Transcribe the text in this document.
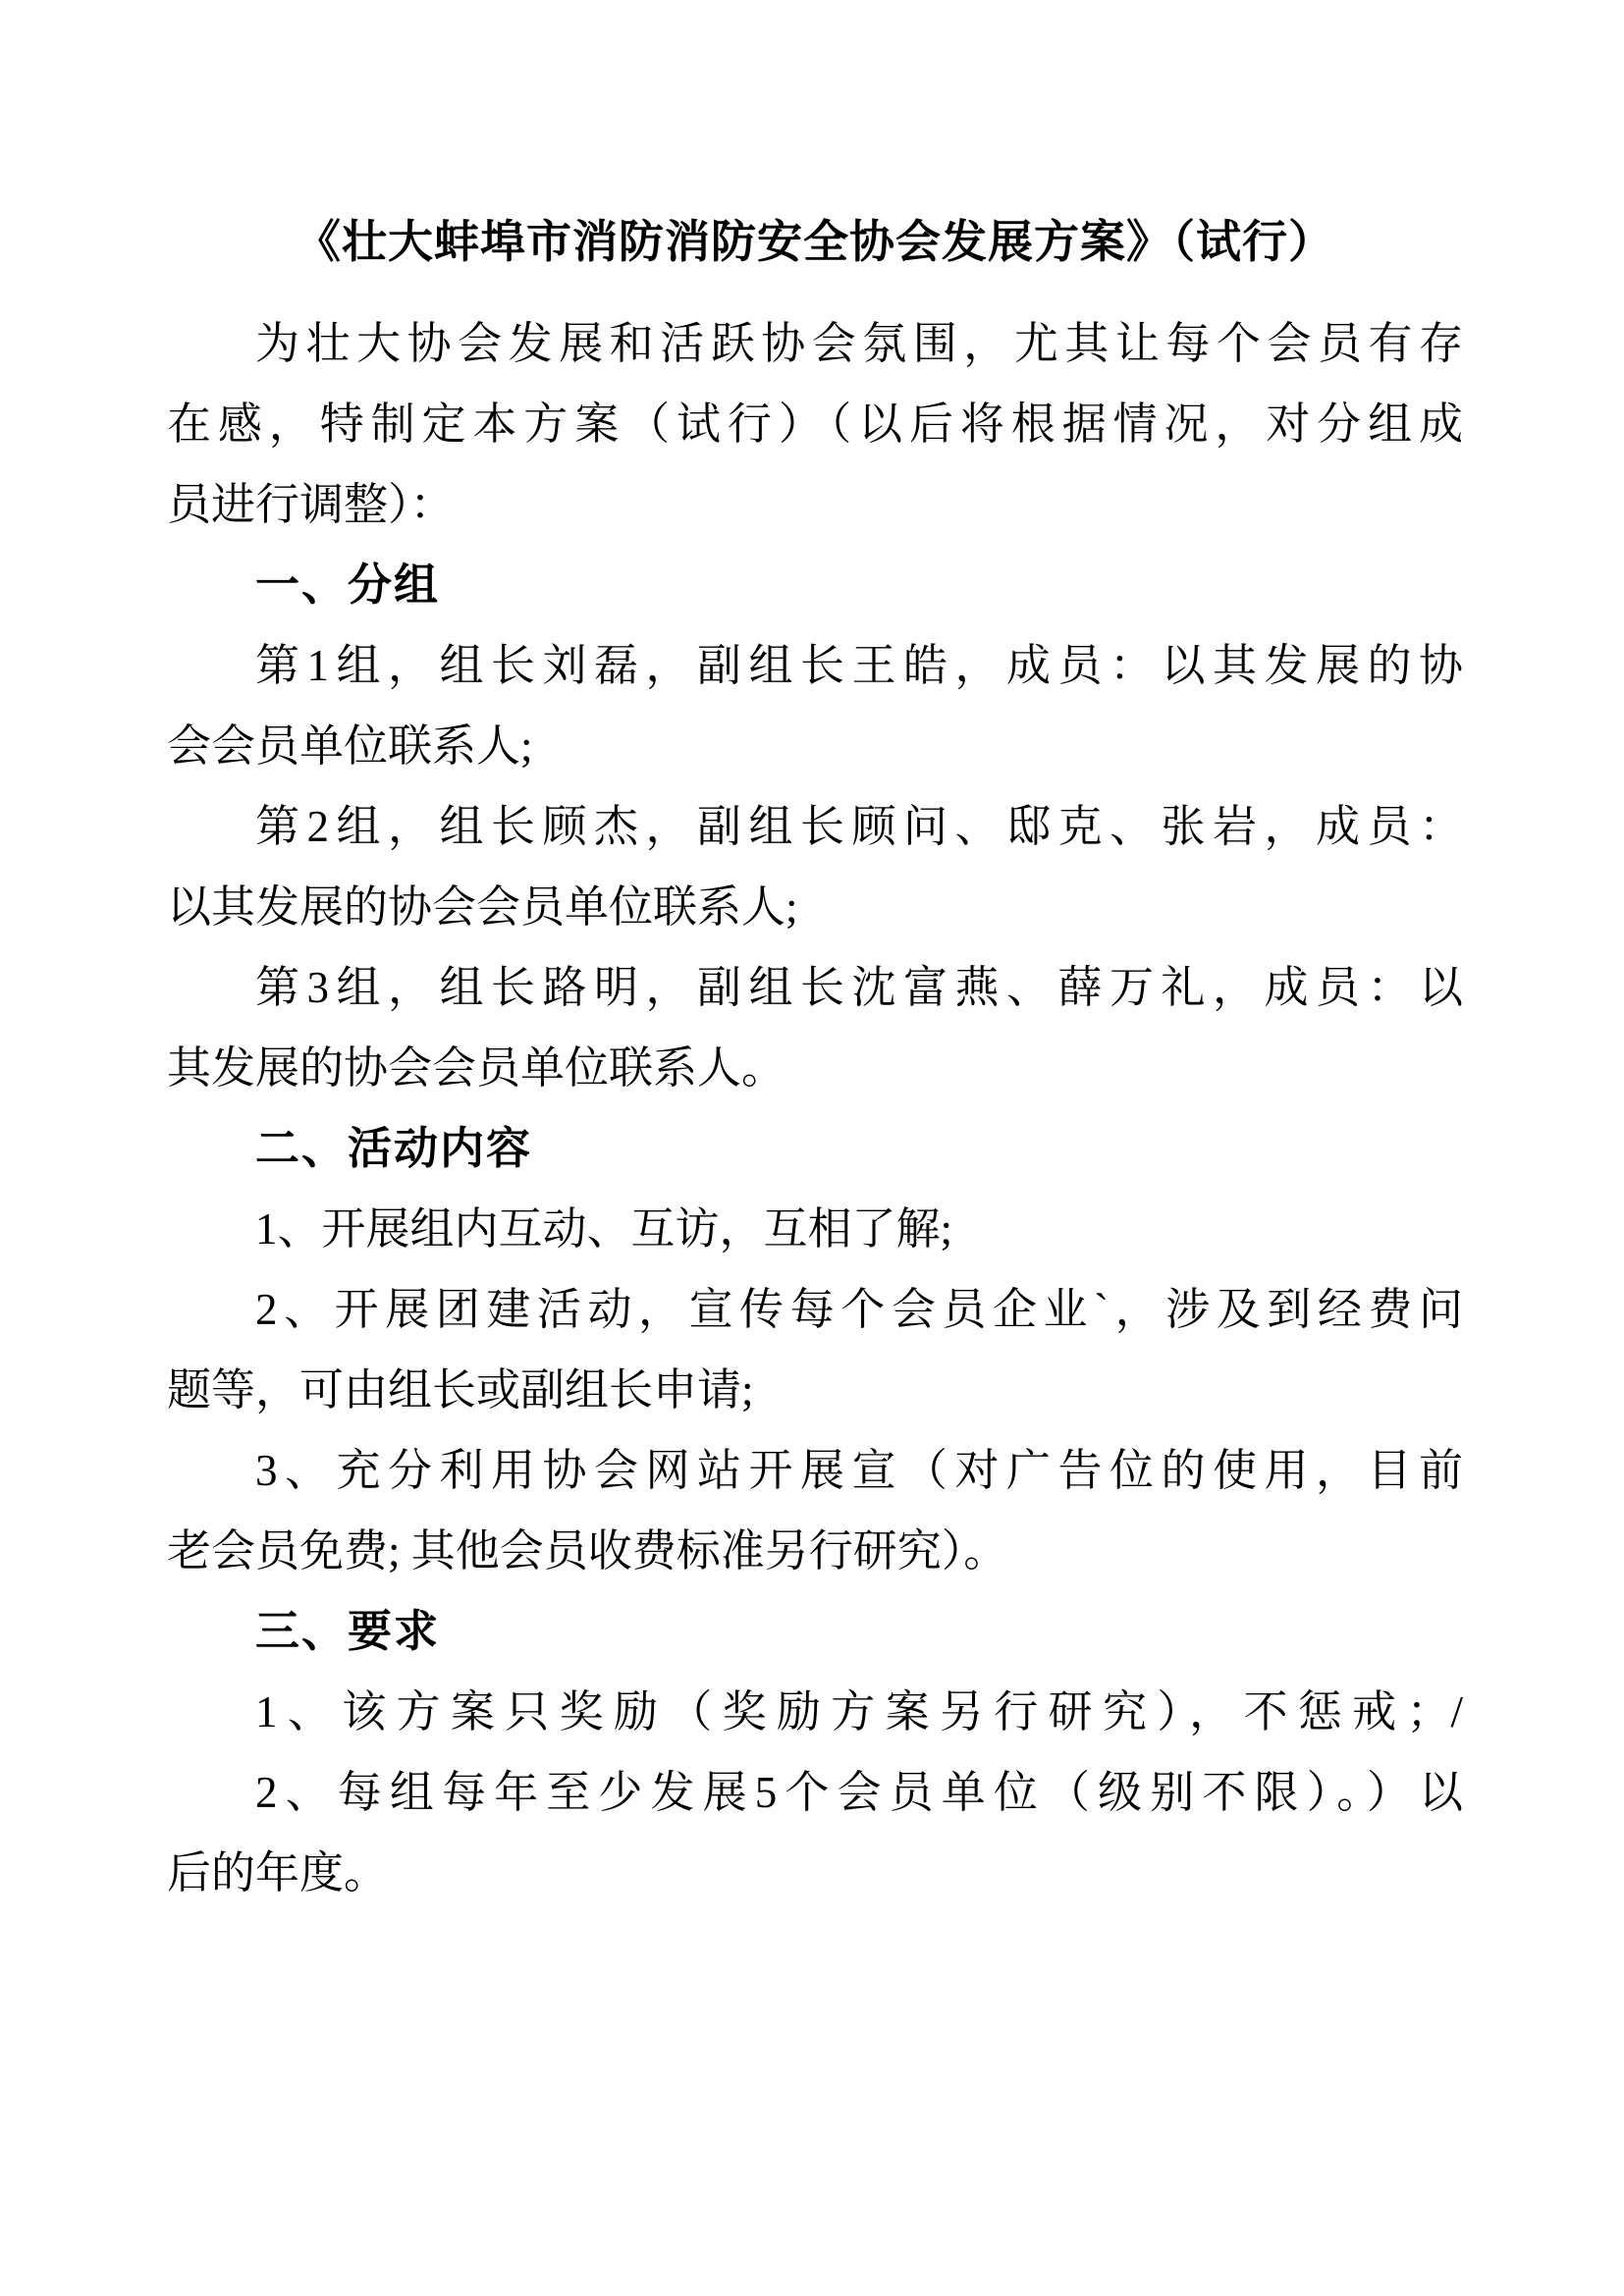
《壮大蚌埠市消防消防安全协会发展方案》（试行）
为壮大协会发展和活跃协会氛围，尤其让每个会员有存
在感，特制定本方案（试行）（以后将根据情况，对分组成
员进行调整）：
一、分组
第1组，组长刘磊，副组长王皓，成员：以其发展的协
会会员单位联系人;
第2组，组长顾杰，副组长顾问、邸克、张岩，成员：
以其发展的协会会员单位联系人;
第3组，组长路明，副组长沈富燕、薛万礼，成员：以
其发展的协会会员单位联系人。
二、活动内容
1、开展组内互动、互访，互相了解;
2、开展团建活动，宣传每个会员企业`，涉及到经费问
题等，可由组长或副组长申请;
3、充分利用协会网站开展宣（对广告位的使用，目前
老会员免费; 其他会员收费标准另行研究）。
三、要求
1、该方案只奖励（奖励方案另行研究），不惩戒；/
2、每组每年至少发展5个会员单位（级别不限）。）以
后的年度。
